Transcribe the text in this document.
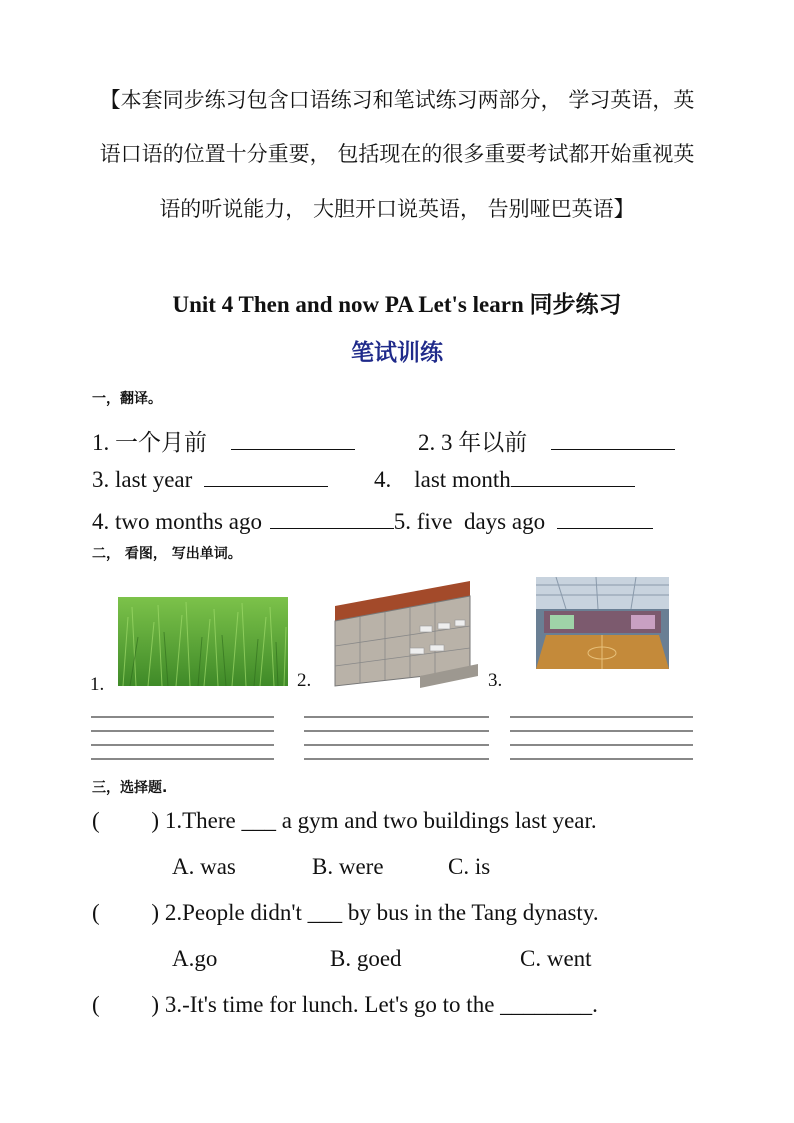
【本套同步练习包含口语练习和笔试练习两部分， 学习英语，英
语口语的位置十分重要， 包括现在的很多重要考试都开始重视英
语的听说能力， 大胆开口说英语， 告别哑巴英语】
Unit 4 Then and now PA Let's learn 同步练习
笔试训练
一，翻译。
1. 一个月前	2. 3 年以前
3. last year	4.    last month
4. two months ago	5. five  days ago
二， 看图， 写出单词。
1.	2.	3.
三，选择题.
(         ) 1.There ___ a gym and two buildings last year.
A. was	B. were	C. is
(         ) 2.People didn't ___ by bus in the Tang dynasty.
A.go	B. goed	C. went
(         ) 3.-It's time for lunch. Let's go to the ________.
